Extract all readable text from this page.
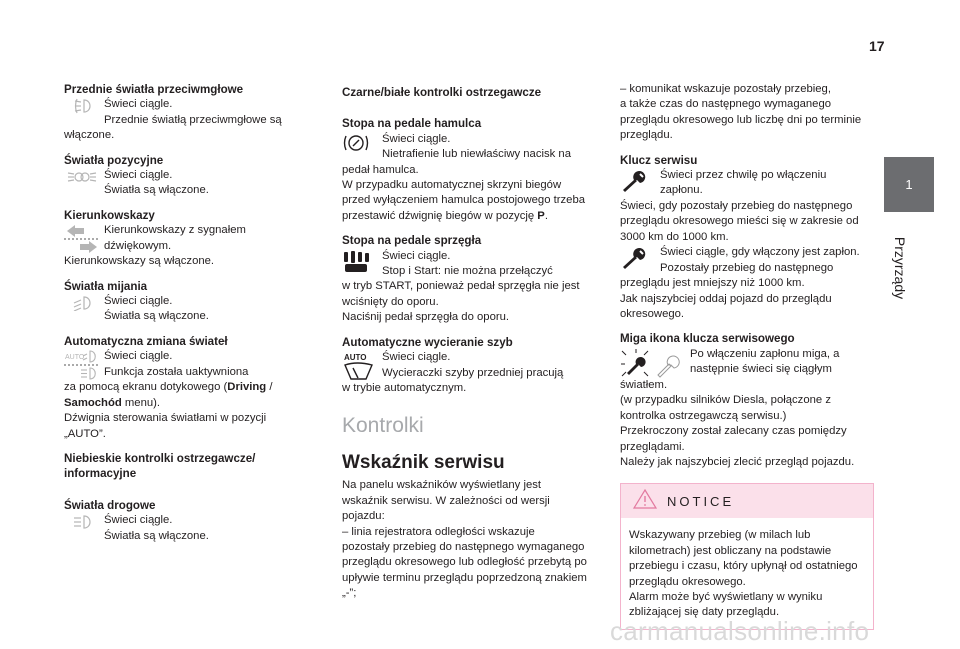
17
1
Przyrządy

Przednie światła przeciwmgłowe

Świeci ciągle.

Przednie światłą przeciwmgłowe są

włączone.

Światła pozycyjne

Świeci ciągle.

Światła są włączone.

Kierunkowskazy

Kierunkowskazy z sygnałem

dźwiękowym.

Kierunkowskazy są włączone.

Światła mijania

Świeci ciągle.

Światła są włączone.

Automatyczna zmiana świateł

AUTO Świeci ciągle.

Funkcja została uaktywniona

za pomocą ekranu dotykowego (Driving /
Samochód menu).

Dźwignia sterowania światłami w pozycji

„AUTO”.

Niebieskie kontrolki ostrzegawcze/
informacyjne

Światła drogowe

Świeci ciągle.

Światła są włączone.

Czarne/białe kontrolki ostrzegawcze

Stopa na pedale hamulca

Świeci ciągle.

Nietrafienie lub niewłaściwy nacisk na

pedał hamulca.

W przypadku automatycznej skrzyni biegów

przed wyłączeniem hamulca postojowego trzeba

przestawić dźwignię biegów w pozycję P.

Stopa na pedale sprzęgła

Świeci ciągle.

Stop i Start: nie można przełączyć

w tryb START, ponieważ pedał sprzęgła nie jest

wciśnięty do oporu.

Naciśnij pedał sprzęgła do oporu.

Automatyczne wycieranie szyb

AUTO Świeci ciągle.

Wycieraczki szyby przedniej pracują

w trybie automatycznym.

Kontrolki

Wskaźnik serwisu

Na panelu wskaźników wyświetlany jest

wskaźnik serwisu. W zależności od wersji

pojazdu:

– linia rejestratora odległości wskazuje

pozostały przebieg do następnego wymaganego

przeglądu okresowego lub odległość przebytą po

upływie terminu przeglądu poprzedzoną znakiem

„-”;

– komunikat wskazuje pozostały przebieg,

a także czas do następnego wymaganego

przeglądu okresowego lub liczbę dni po terminie

przeglądu.

Klucz serwisu

Świeci przez chwilę po włączeniu

zapłonu.

Świeci, gdy pozostały przebieg do następnego

przeglądu okresowego mieści się w zakresie od

3000 km do 1000 km.

Świeci ciągle, gdy włączony jest zapłon.

Pozostały przebieg do następnego

przeglądu jest mniejszy niż 1000 km.

Jak najszybciej oddaj pojazd do przeglądu

okresowego.

Miga ikona klucza serwisowego

Po włączeniu zapłonu miga, a

następnie świeci się ciągłym

światłem.

(w przypadku silników Diesla, połączone z

kontrolka ostrzegawczą serwisu.)

Przekroczony został zalecany czas pomiędzy

przeglądami.

Należy jak najszybciej zlecić przegląd pojazdu.

NOTICE

Wskazywany przebieg (w milach lub

kilometrach) jest obliczany na podstawie

przebiegu i czasu, który upłynął od ostatniego

przeglądu okresowego.

Alarm może być wyświetlany w wyniku

zbliżającej się daty przeglądu.

carmanualsonline.info
